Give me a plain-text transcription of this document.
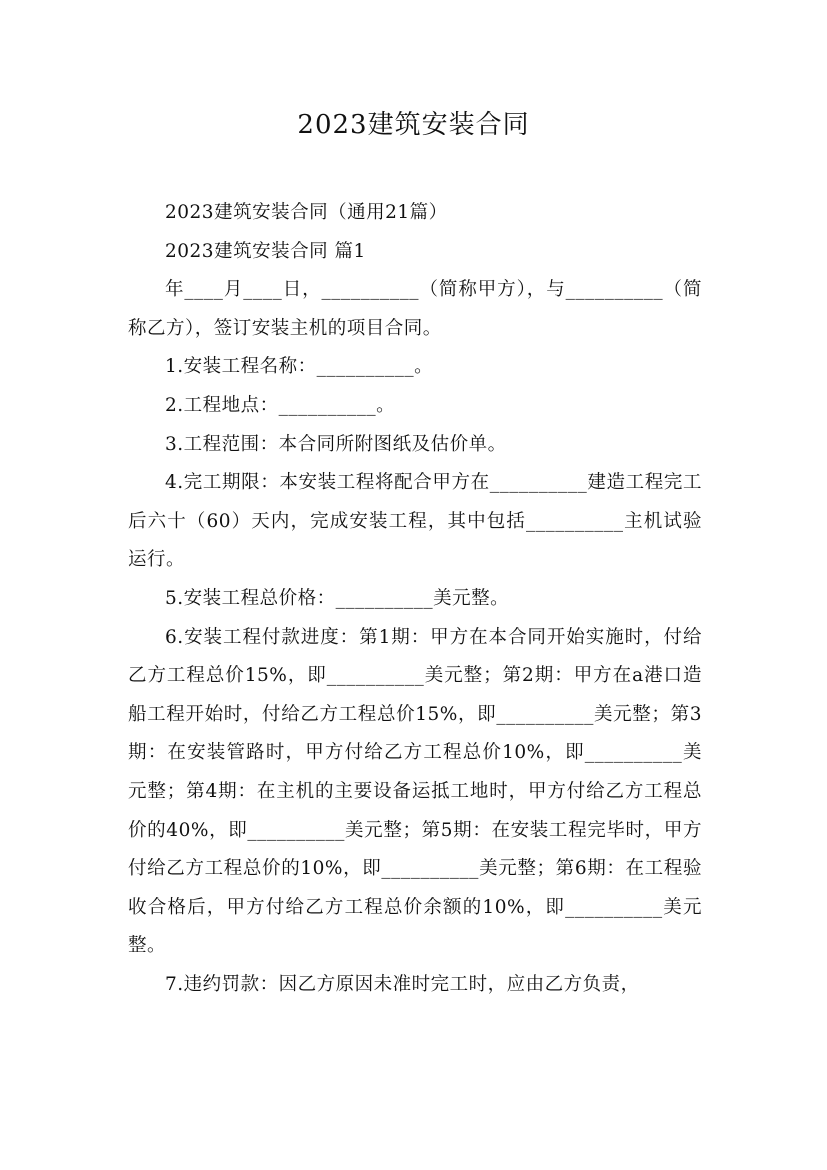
2023建筑安装合同

2023建筑安装合同（通用21篇）

2023建筑安装合同 篇1

年____月____日，__________（简称甲方），与__________（简称乙方），签订安装主机的项目合同。

1.安装工程名称：__________。

2.工程地点：__________。

3.工程范围：本合同所附图纸及估价单。

4.完工期限：本安装工程将配合甲方在__________建造工程完工后六十（60）天内，完成安装工程，其中包括__________主机试验运行。

5.安装工程总价格：__________美元整。

6.安装工程付款进度：第1期：甲方在本合同开始实施时，付给乙方工程总价15%，即__________美元整；第2期：甲方在a港口造船工程开始时，付给乙方工程总价15%，即__________美元整；第3期：在安装管路时，甲方付给乙方工程总价10%，即__________美元整；第4期：在主机的主要设备运抵工地时，甲方付给乙方工程总价的40%，即__________美元整；第5期：在安装工程完毕时，甲方付给乙方工程总价的10%，即__________美元整；第6期：在工程验收合格后，甲方付给乙方工程总价余额的10%，即__________美元整。

7.违约罚款：因乙方原因未准时完工时，应由乙方负责，
